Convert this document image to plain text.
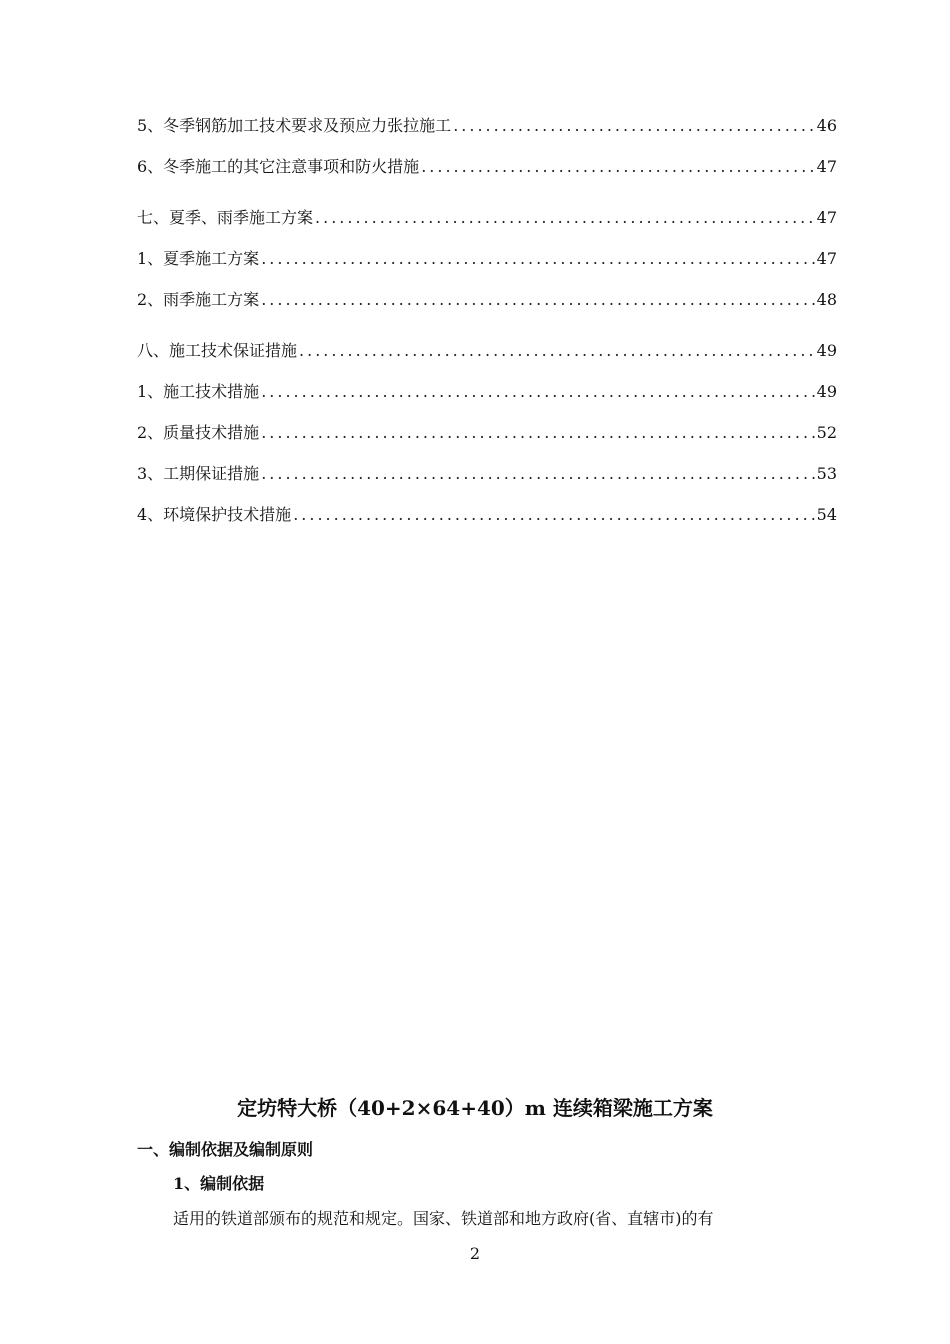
5、冬季钢筋加工技术要求及预应力张拉施工 .....	46
6、冬季施工的其它注意事项和防火措施 .....	47
七、夏季、雨季施工方案 .....	47
1、夏季施工方案 .....	47
2、雨季施工方案 .....	48
八、施工技术保证措施 .....	49
1、施工技术措施 .....	49
2、质量技术措施 .....	52
3、工期保证措施 .....	53
4、环境保护技术措施 .....	54
定坊特大桥（40+2×64+40）m 连续箱梁施工方案
一、编制依据及编制原则
1、编制依据
适用的铁道部颁布的规范和规定。国家、铁道部和地方政府(省、直辖市)的有
2
